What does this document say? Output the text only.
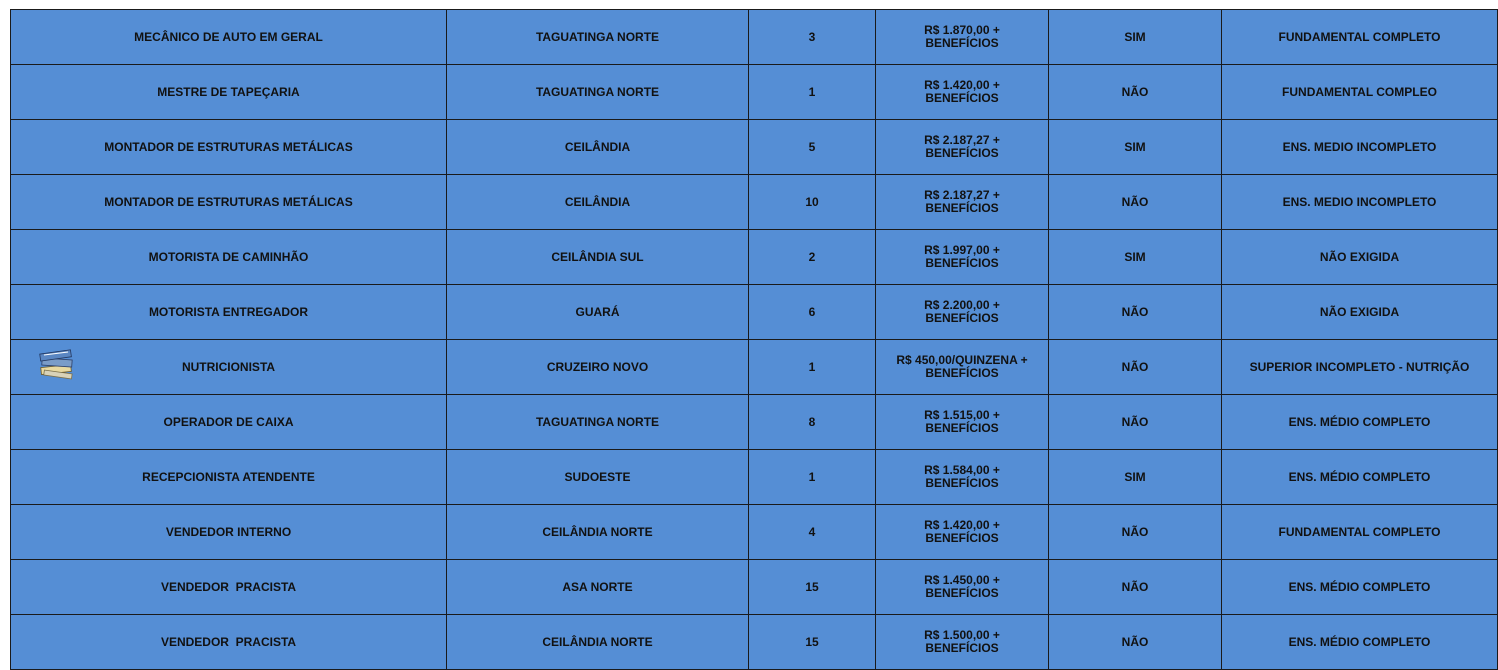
MECÂNICO DE AUTO EM GERAL	TAGUATINGA NORTE	3	R$ 1.870,00 +
BENEFÍCIOS	SIM	FUNDAMENTAL COMPLETO
MESTRE DE TAPEÇARIA	TAGUATINGA NORTE	1	R$ 1.420,00 +
BENEFÍCIOS	NÃO	FUNDAMENTAL COMPLEO
MONTADOR DE ESTRUTURAS METÁLICAS	CEILÂNDIA	5	R$ 2.187,27 +
BENEFÍCIOS	SIM	ENS. MEDIO INCOMPLETO
MONTADOR DE ESTRUTURAS METÁLICAS	CEILÂNDIA	10	R$ 2.187,27 +
BENEFÍCIOS	NÃO	ENS. MEDIO INCOMPLETO
MOTORISTA DE CAMINHÃO	CEILÂNDIA SUL	2	R$ 1.997,00 +
BENEFÍCIOS	SIM	NÃO EXIGIDA
MOTORISTA ENTREGADOR	GUARÁ	6	R$ 2.200,00 +
BENEFÍCIOS	NÃO	NÃO EXIGIDA

NUTRICIONISTA	CRUZEIRO NOVO	1	R$ 450,00/QUINZENA +
BENEFÍCIOS	NÃO	SUPERIOR INCOMPLETO - NUTRIÇÃO
OPERADOR DE CAIXA	TAGUATINGA NORTE	8	R$ 1.515,00 +
BENEFÍCIOS	NÃO	ENS. MÉDIO COMPLETO
RECEPCIONISTA ATENDENTE	SUDOESTE	1	R$ 1.584,00 +
BENEFÍCIOS	SIM	ENS. MÉDIO COMPLETO
VENDEDOR INTERNO	CEILÂNDIA NORTE	4	R$ 1.420,00 +
BENEFÍCIOS	NÃO	FUNDAMENTAL COMPLETO
VENDEDOR  PRACISTA	ASA NORTE	15	R$ 1.450,00 +
BENEFÍCIOS	NÃO	ENS. MÉDIO COMPLETO
VENDEDOR  PRACISTA	CEILÂNDIA NORTE	15	R$ 1.500,00 +
BENEFÍCIOS	NÃO	ENS. MÉDIO COMPLETO
